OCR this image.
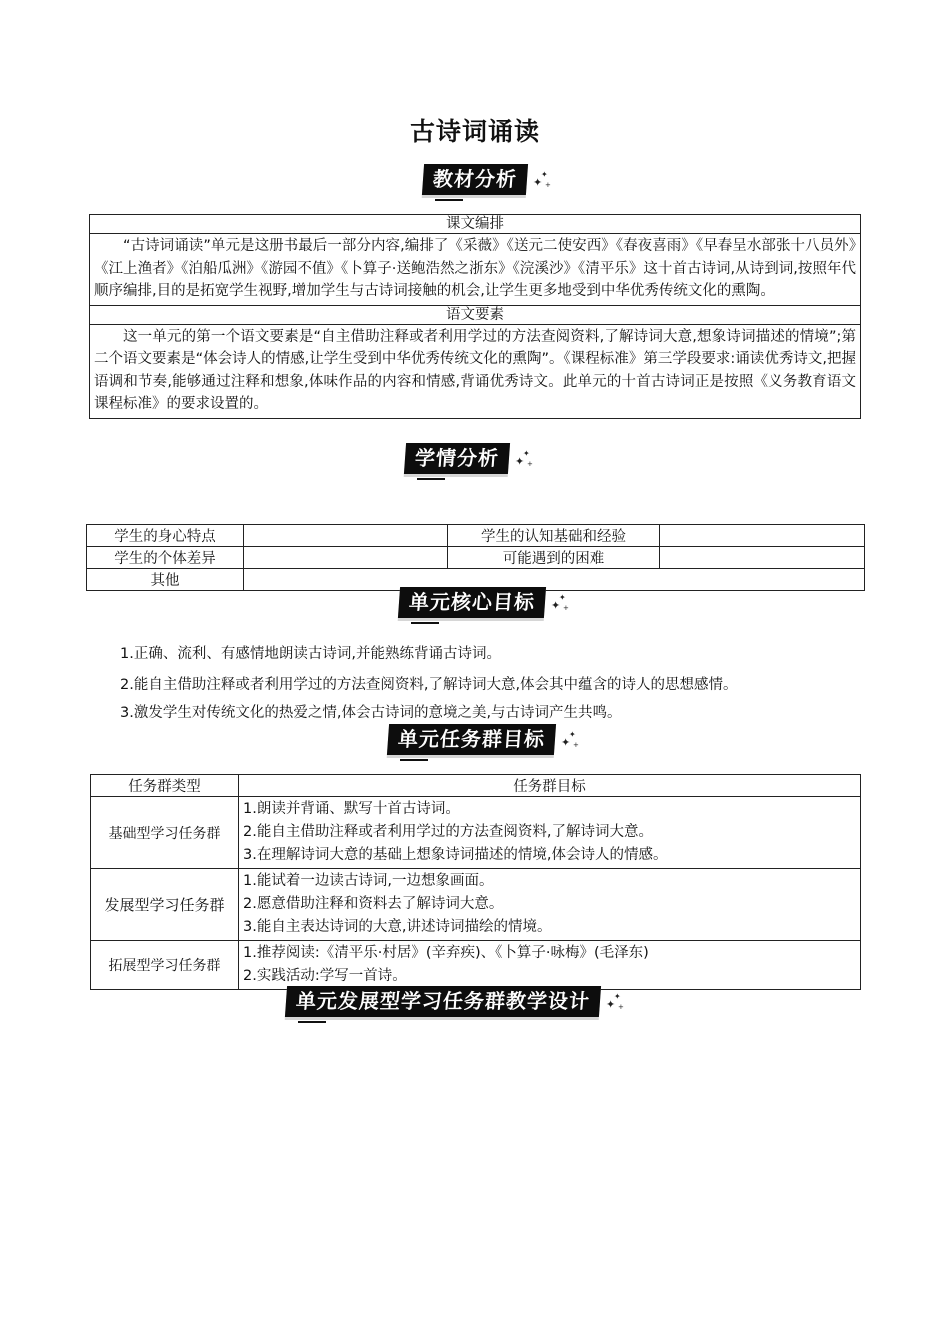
古诗词诵读
教材分析	✦
✦
+
课文编排
“古诗词诵读”单元是这册书最后一部分内容,编排了《采薇》《送元二使安西》《春夜喜雨》《早春呈水部张十八员外》《江上渔者》《泊船瓜洲》《游园不值》《卜算子·送鲍浩然之浙东》《浣溪沙》《清平乐》这十首古诗词,从诗到词,按照年代顺序编排,目的是拓宽学生视野,增加学生与古诗词接触的机会,让学生更多地受到中华优秀传统文化的熏陶。
语文要素
这一单元的第一个语文要素是“自主借助注释或者利用学过的方法查阅资料,了解诗词大意,想象诗词描述的情境”;第二个语文要素是“体会诗人的情感,让学生受到中华优秀传统文化的熏陶”。《课程标准》第三学段要求:诵读优秀诗文,把握语调和节奏,能够通过注释和想象,体味作品的内容和情感,背诵优秀诗文。此单元的十首古诗词正是按照《义务教育语文课程标准》的要求设置的。
学情分析	✦
✦
+
学生的身心特点		学生的认知基础和经验	
学生的个体差异		可能遇到的困难	
其他			
单元核心目标	✦
✦
+
1.正确、流利、有感情地朗读古诗词,并能熟练背诵古诗词。
2.能自主借助注释或者利用学过的方法查阅资料,了解诗词大意,体会其中蕴含的诗人的思想感情。
3.激发学生对传统文化的热爱之情,体会古诗词的意境之美,与古诗词产生共鸣。
单元任务群目标	✦
✦
+
任务群类型	任务群目标
基础型学习任务群	1.朗读并背诵、默写十首古诗词。
2.能自主借助注释或者利用学过的方法查阅资料,了解诗词大意。
3.在理解诗词大意的基础上想象诗词描述的情境,体会诗人的情感。

发展型学习任务群	1.能试着一边读古诗词,一边想象画面。
2.愿意借助注释和资料去了解诗词大意。
3.能自主表达诗词的大意,讲述诗词描绘的情境。

拓展型学习任务群	1.推荐阅读:《清平乐·村居》(辛弃疾)、《卜算子·咏梅》(毛泽东)
2.实践活动:学写一首诗。
单元发展型学习任务群教学设计	✦
✦
+
